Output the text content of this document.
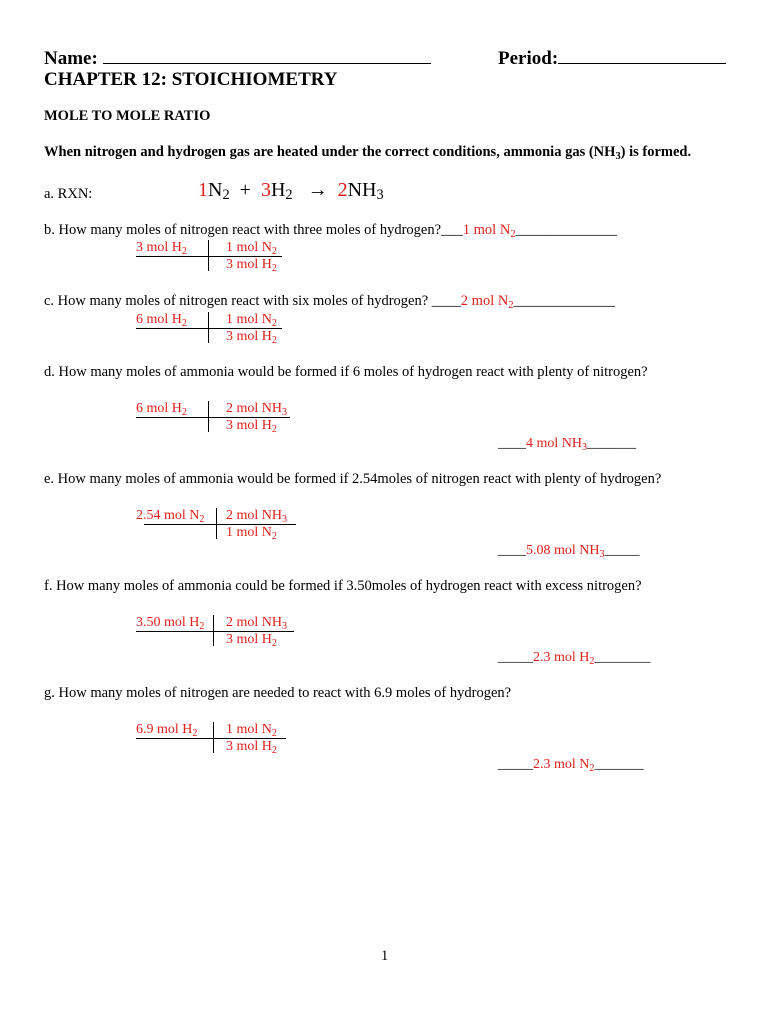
Name:	Period:
CHAPTER 12: STOICHIOMETRY
MOLE TO MOLE RATIO
When nitrogen and hydrogen gas are heated under the correct conditions, ammonia gas $(NH_3)$ is formed.
a. RXN:	$1N_2 + 3H_2 \to 2NH_3$
b. How many moles of nitrogen react with three moles of hydrogen?___1 mol $N_2\_\_\_\_\_\_\_\_\_\_\_\_\_\_$
3 mol $H_2$	1 mol $N_2$
3 mol $H_2$
c. How many moles of nitrogen react with six moles of hydrogen? ____2 mol $N_2\_\_\_\_\_\_\_\_\_\_\_\_\_\_$
6 mol $H_2$	1 mol $N_2$
3 mol $H_2$
d. How many moles of ammonia would be formed if 6 moles of hydrogen react with plenty of nitrogen?
6 mol $H_2$	2 mol $NH_3$
3 mol $H_2$
____4 mol $NH_3\_\_\_\_\_\_\_$
e. How many moles of ammonia would be formed if 2.54moles of nitrogen react with plenty of hydrogen?
2.54 mol $N_2$ 2 mol $NH_3$
1 mol $N_2$
____5.08 mol $NH_3\_\_\_\_\_$
f. How many moles of ammonia could be formed if 3.50moles of hydrogen react with excess nitrogen?
3.50 mol $H_2$ 2 mol $NH_3$
3 mol $H_2$
_____2.3 mol $H_2\_\_\_\_\_\_\_\_$
g. How many moles of nitrogen are needed to react with 6.9 moles of hydrogen?
6.9 mol $H_2$ 1 mol $N_2$
3 mol $H_2$
_____2.3 mol $N_2\_\_\_\_\_\_\_$
1
